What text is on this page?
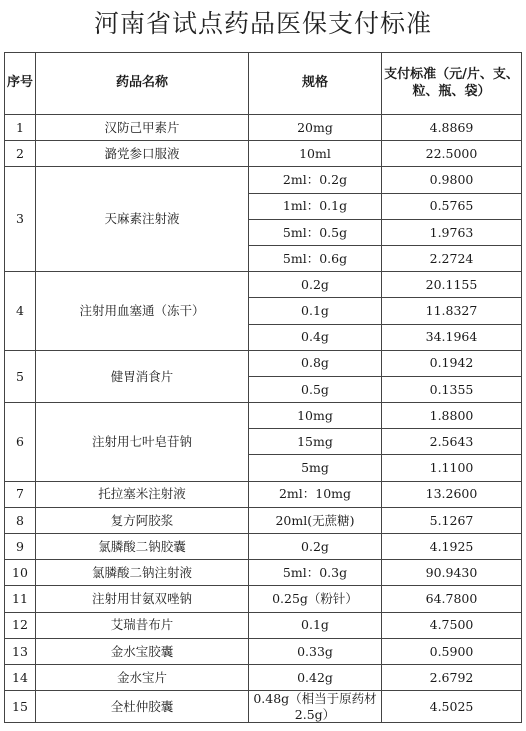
河南省试点药品医保支付标准
序号	药品名称	规格	支付标准（元/片、支、粒、瓶、袋）
1	汉防己甲素片	20mg	4.8869
2	潞党参口服液	10ml	22.5000
3	天麻素注射液	2ml：0.2g	0.9800
		1ml：0.1g	0.5765
		5ml：0.5g	1.9763
		5ml：0.6g	2.2724
4	注射用血塞通（冻干）	0.2g	20.1155
		0.1g	11.8327
		0.4g	34.1964
5	健胃消食片	0.8g	0.1942
		0.5g	0.1355
6	注射用七叶皂苷钠	10mg	1.8800
		15mg	2.5643
		5mg	1.1100
7	托拉塞米注射液	2ml：10mg	13.2600
8	复方阿胶浆	20ml(无蔗糖)	5.1267
9	氯膦酸二钠胶囊	0.2g	4.1925
10	氯膦酸二钠注射液	5ml：0.3g	90.9430
11	注射用甘氨双唑钠	0.25g（粉针）	64.7800
12	艾瑞昔布片	0.1g	4.7500
13	金水宝胶囊	0.33g	0.5900
14	金水宝片	0.42g	2.6792
15	全杜仲胶囊	0.48g（相当于原药材2.5g）	4.5025
